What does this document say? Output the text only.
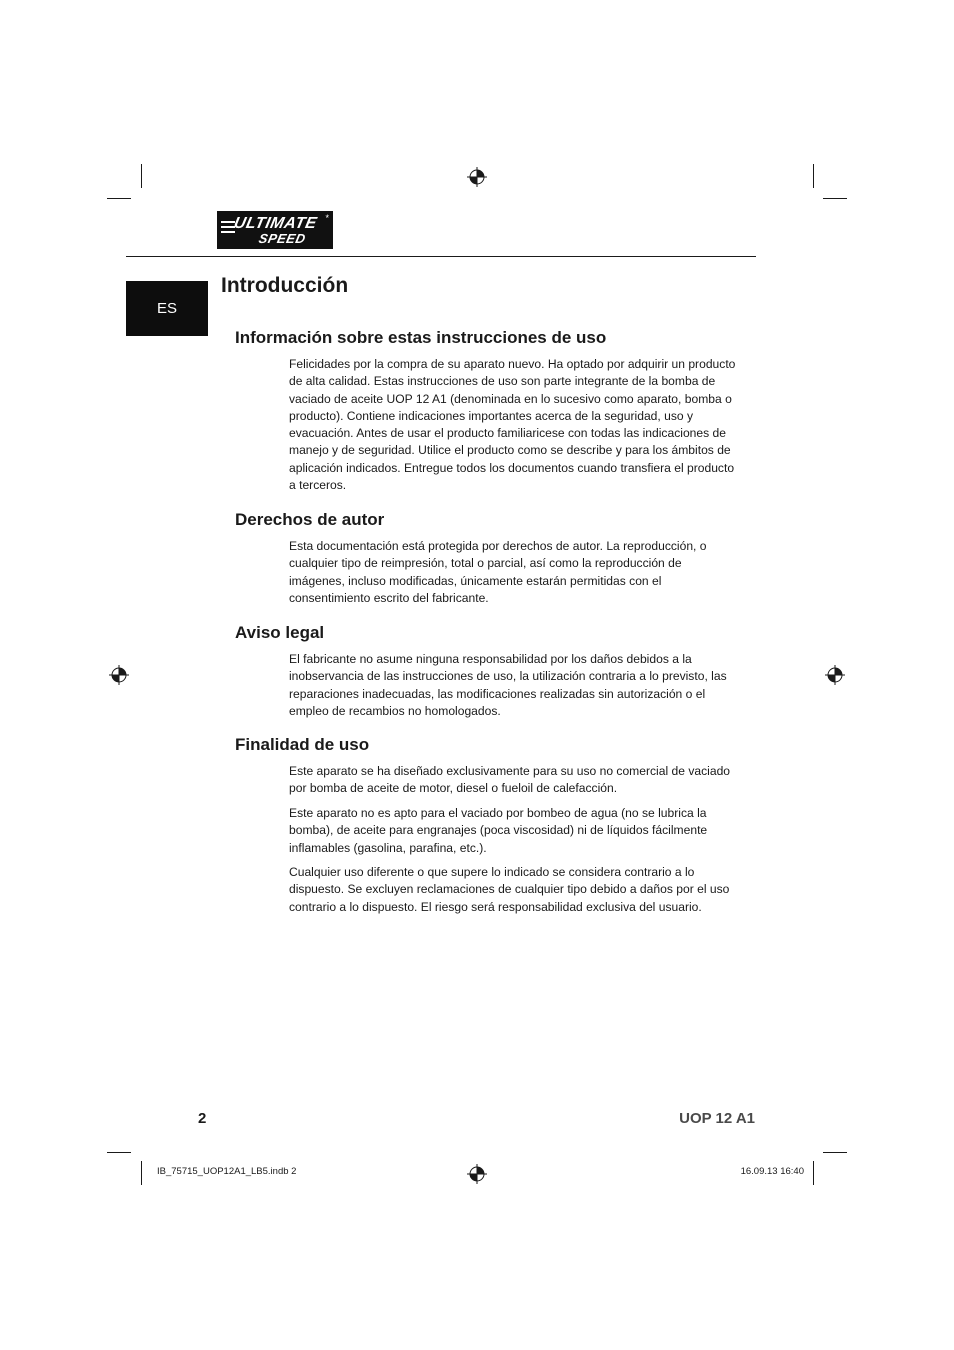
ULTIMATE
SPEED
*
ES
Introducción
Información sobre estas instrucciones de uso

Felicidades por la compra de su aparato nuevo. Ha optado por adquirir un producto de alta calidad. Estas instrucciones de uso son parte integrante de la bomba de vaciado de aceite UOP 12 A1 (denominada en lo sucesivo como aparato, bomba o producto). Contiene indicaciones importantes acerca de la seguridad, uso y evacuación. Antes de usar el producto familiaricese con todas las indicaciones de manejo y de seguridad. Utilice el producto como se describe y para los ámbitos de aplicación indicados. Entregue todos los documentos cuando transfiera el producto a terceros.

Derechos de autor

Esta documentación está protegida por derechos de autor. La reproducción, o cualquier tipo de reimpresión, total o parcial, así como la reproducción de imágenes, incluso modificadas, únicamente estarán permitidas con el consentimiento escrito del fabricante.

Aviso legal

El fabricante no asume ninguna responsabilidad por los daños debidos a la inobservancia de las instrucciones de uso, la utilización contraria a lo previsto, las reparaciones inadecuadas, las modificaciones realizadas sin autorización o el empleo de recambios no homologados.

Finalidad de uso

Este aparato se ha diseñado exclusivamente para su uso no comercial de vaciado por bomba de aceite de motor, diesel o fueloil de calefacción.

Este aparato no es apto para el vaciado por bombeo de agua (no se lubrica la bomba), de aceite para engranajes (poca viscosidad) ni de líquidos fácilmente inflamables (gasolina, parafina, etc.).

Cualquier uso diferente o que supere lo indicado se considera contrario a lo dispuesto. Se excluyen reclamaciones de cualquier tipo debido a daños por el uso contrario a lo dispuesto. El riesgo será responsabilidad exclusiva del usuario.

2	UOP 12 A1
IB_75715_UOP12A1_LB5.indb 2	16.09.13 16:40
